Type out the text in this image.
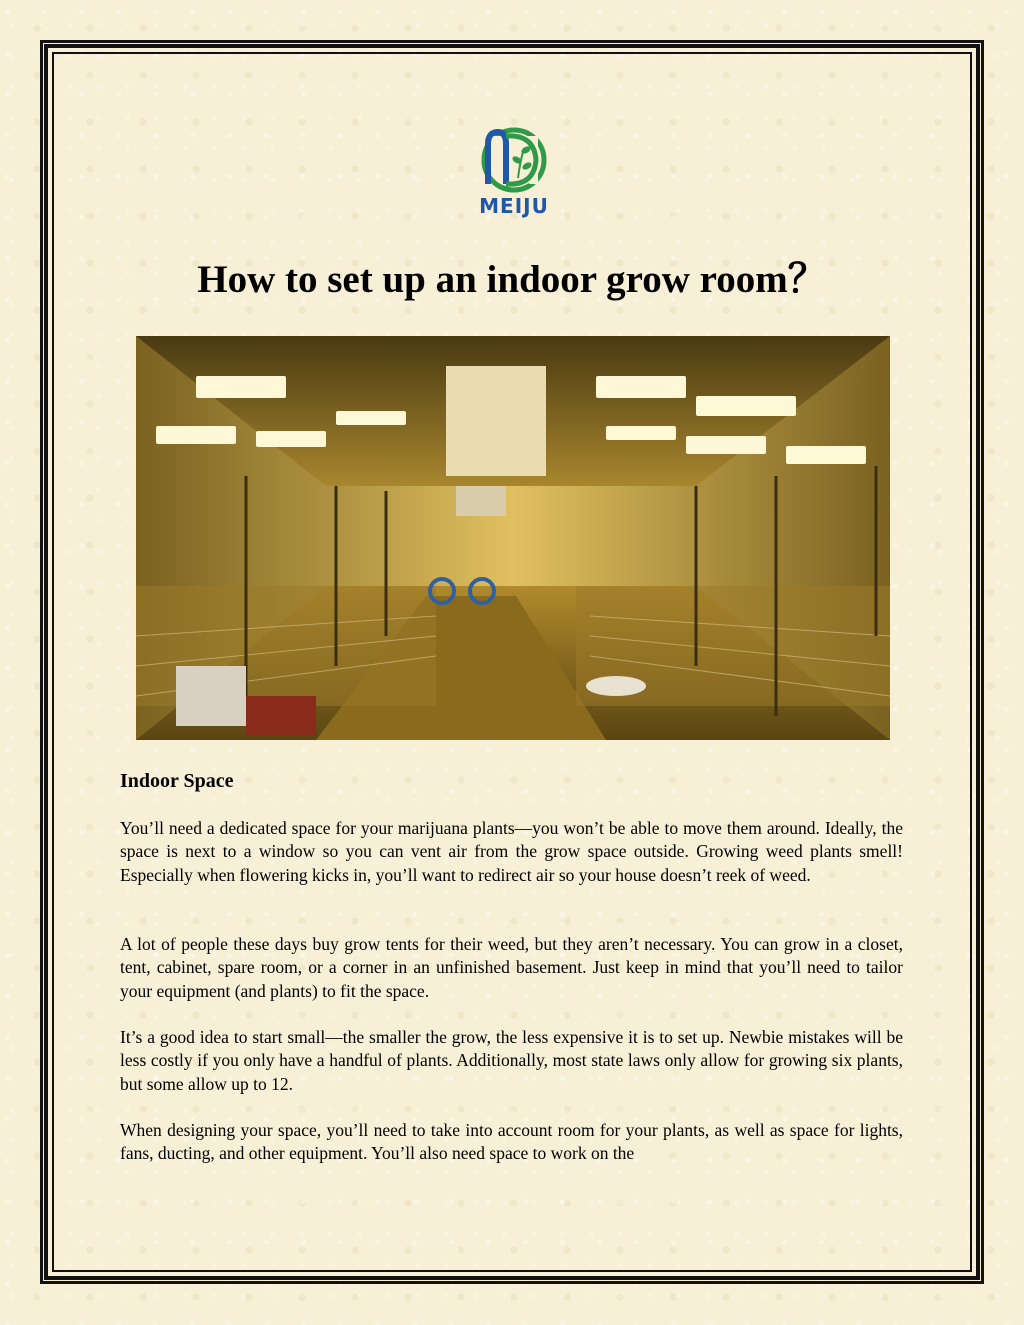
MEIJU
How to set up an indoor grow room？
Indoor Space

You’ll need a dedicated space for your marijuana plants—you won’t be able to move them around. Ideally, the space is next to a window so you can vent air from the grow space outside. Growing weed plants smell! Especially when flowering kicks in, you’ll want to redirect air so your house doesn’t reek of weed.

A lot of people these days buy grow tents for their weed, but they aren’t necessary. You can grow in a closet, tent, cabinet, spare room, or a corner in an unfinished basement. Just keep in mind that you’ll need to tailor your equipment (and plants) to fit the space.

It’s a good idea to start small—the smaller the grow, the less expensive it is to set up. Newbie mistakes will be less costly if you only have a handful of plants. Additionally, most state laws only allow for growing six plants, but some allow up to 12.

When designing your space, you’ll need to take into account room for your plants, as well as space for lights, fans, ducting, and other equipment. You’ll also need space to work on the
